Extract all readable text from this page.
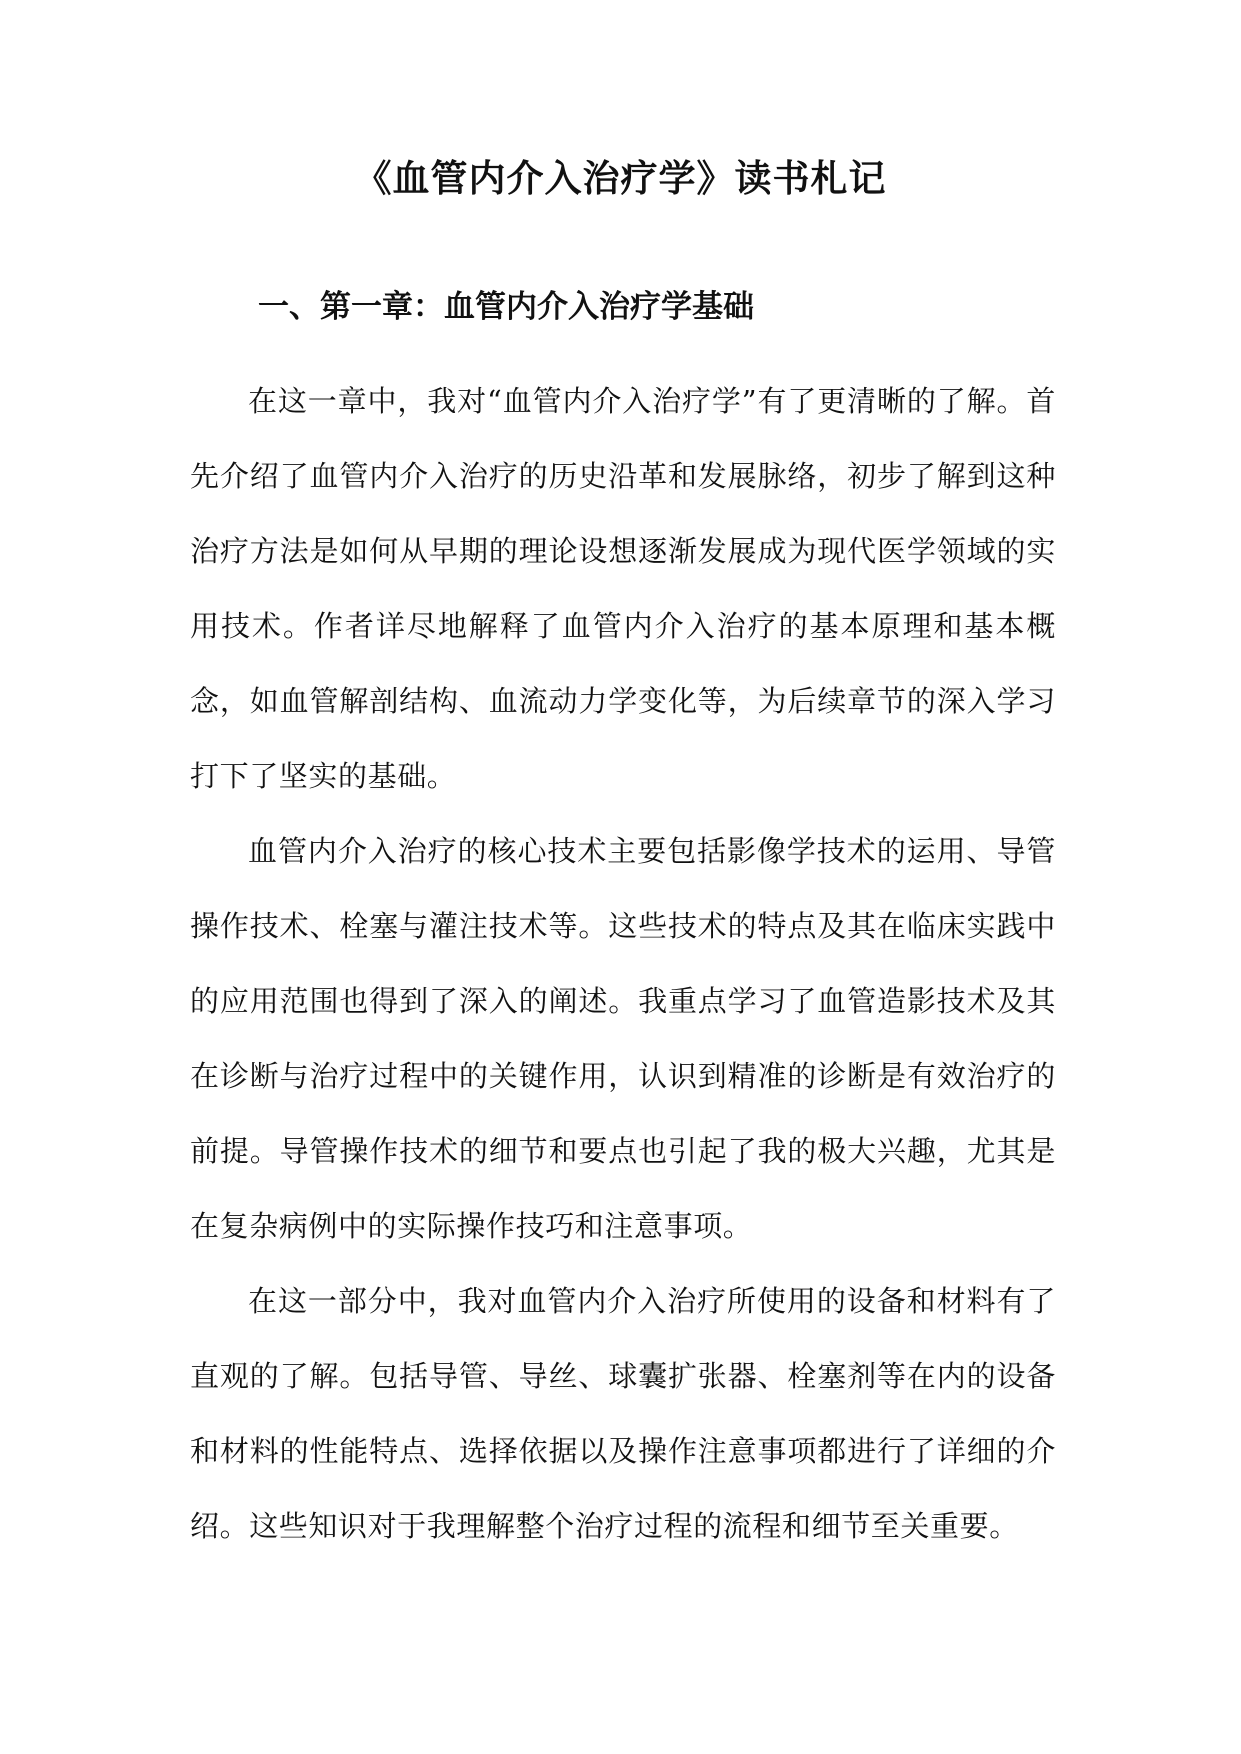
《血管内介入治疗学》读书札记
一、第一章：血管内介入治疗学基础

在这一章中，我对“血管内介入治疗学”有了更清晰的了解。首先介绍了血管内介入治疗的历史沿革和发展脉络，初步了解到这种治疗方法是如何从早期的理论设想逐渐发展成为现代医学领域的实用技术。作者详尽地解释了血管内介入治疗的基本原理和基本概念，如血管解剖结构、血流动力学变化等，为后续章节的深入学习打下了坚实的基础。

血管内介入治疗的核心技术主要包括影像学技术的运用、导管操作技术、栓塞与灌注技术等。这些技术的特点及其在临床实践中的应用范围也得到了深入的阐述。我重点学习了血管造影技术及其在诊断与治疗过程中的关键作用，认识到精准的诊断是有效治疗的前提。导管操作技术的细节和要点也引起了我的极大兴趣，尤其是在复杂病例中的实际操作技巧和注意事项。

在这一部分中，我对血管内介入治疗所使用的设备和材料有了直观的了解。包括导管、导丝、球囊扩张器、栓塞剂等在内的设备和材料的性能特点、选择依据以及操作注意事项都进行了详细的介绍。这些知识对于我理解整个治疗过程的流程和细节至关重要。
